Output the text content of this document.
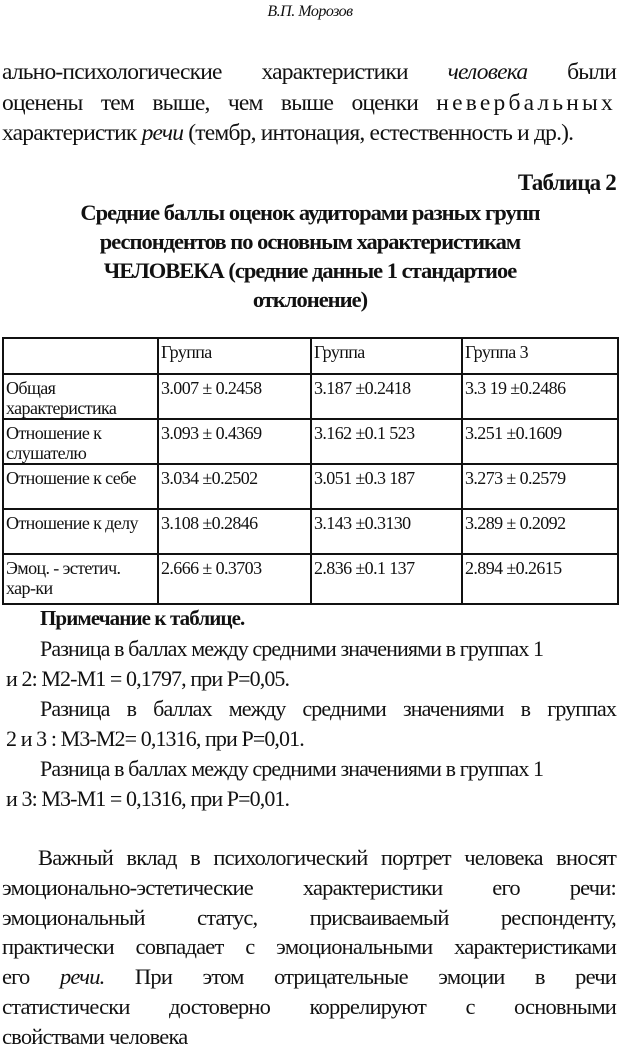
В.П. Морозов
ально-психологические характеристики человека были
оценены тем выше, чем выше оценки невербальных
характеристик речи (тембр, интонация, естественность и др.).
Таблица 2
Средние баллы оценок аудиторами разных групп
респондентов по основным характеристикам
ЧЕЛОВЕКА (средние данные 1 стандартиое
отклонение)
	Группа	Группа	Группа 3

Общая
характеристика	3.007 ± 0.2458	3.187 ±0.2418	3.3 19 ±0.2486

Отношение к
слушателю	3.093 ± 0.4369	3.162 ±0.1 523	3.251 ±0.1609

Отношение к себе	3.034 ±0.2502	3.051 ±0.3 187	3.273 ± 0.2579

Отношение к делу	3.108 ±0.2846	3.143 ±0.3130	3.289 ± 0.2092

Эмоц. - эстетич.
хар-ки	2.666 ± 0.3703	2.836 ±0.1 137	2.894 ±0.2615
Примечание к таблице.
Разница в баллах между средними значениями в группах 1
и 2: М2-М1 = 0,1797, при Р=0,05.
Разница в баллах между средними значениями в группах
2 и 3 : М3-М2= 0,1316, при Р=0,01.
Разница в баллах между средними значениями в группах 1
и 3: М3-М1 = 0,1316, при Р=0,01.
Важный вклад в психологический портрет человека вносят
эмоционально-эстетические характеристики его речи:
эмоциональный статус, присваиваемый респонденту,
практически совпадает с эмоциональными характеристиками
его речи. При этом отрицательные эмоции в речи
статистически достоверно коррелируют с основными
свойствами человека
